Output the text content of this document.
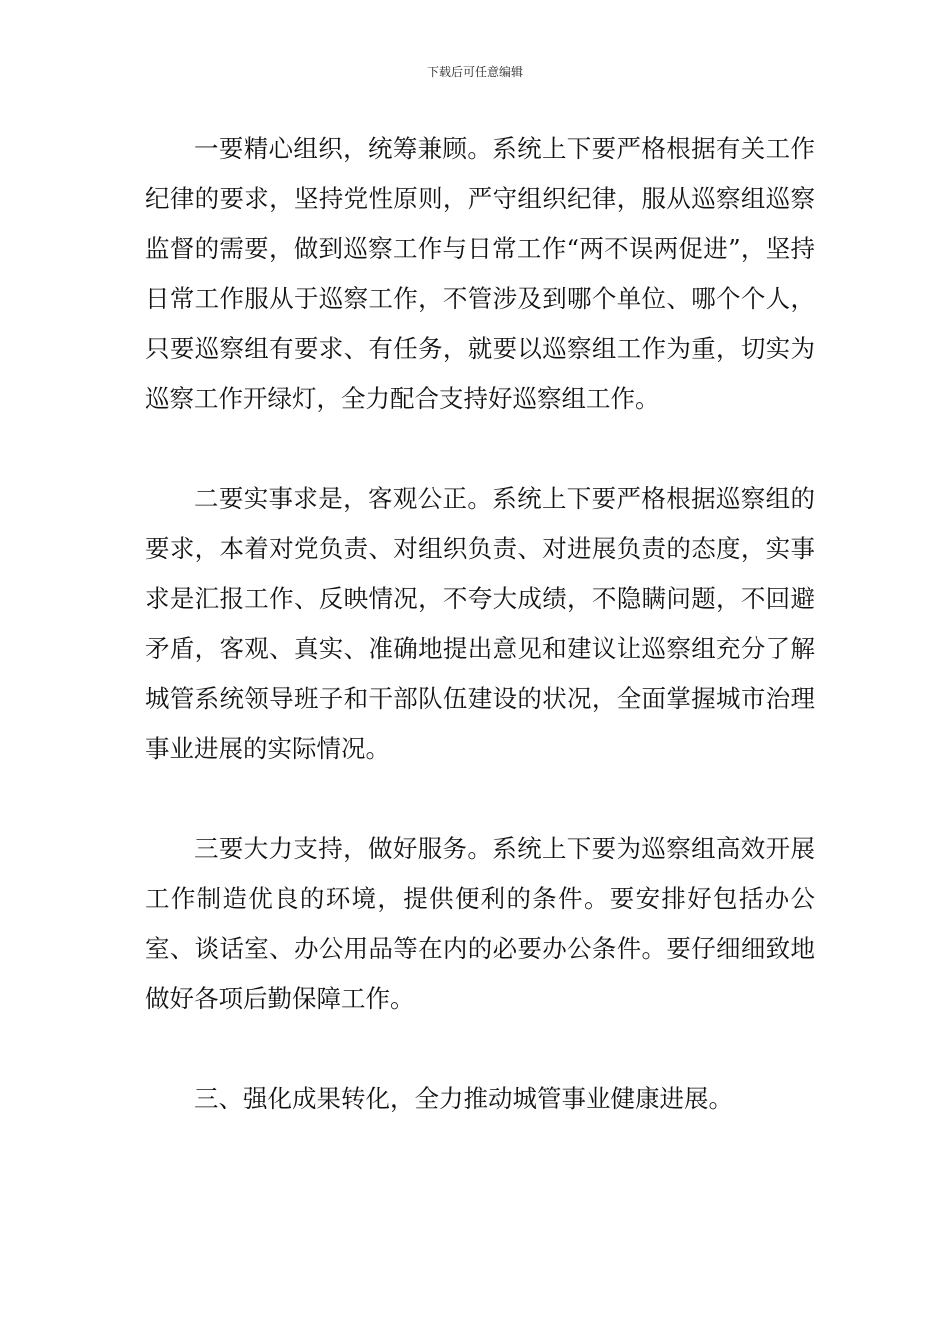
下载后可任意编辑

一要精心组织，统筹兼顾。系统上下要严格根据有关工作纪律的要求，坚持党性原则，严守组织纪律，服从巡察组巡察监督的需要，做到巡察工作与日常工作“两不误两促进”，坚持日常工作服从于巡察工作，不管涉及到哪个单位、哪个个人，只要巡察组有要求、有任务，就要以巡察组工作为重，切实为巡察工作开绿灯，全力配合支持好巡察组工作。

二要实事求是，客观公正。系统上下要严格根据巡察组的要求，本着对党负责、对组织负责、对进展负责的态度，实事求是汇报工作、反映情况，不夸大成绩，不隐瞒问题，不回避矛盾，客观、真实、准确地提出意见和建议让巡察组充分了解城管系统领导班子和干部队伍建设的状况，全面掌握城市治理事业进展的实际情况。

三要大力支持，做好服务。系统上下要为巡察组高效开展工作制造优良的环境，提供便利的条件。要安排好包括办公室、谈话室、办公用品等在内的必要办公条件。要仔细细致地做好各项后勤保障工作。

三、强化成果转化，全力推动城管事业健康进展。
